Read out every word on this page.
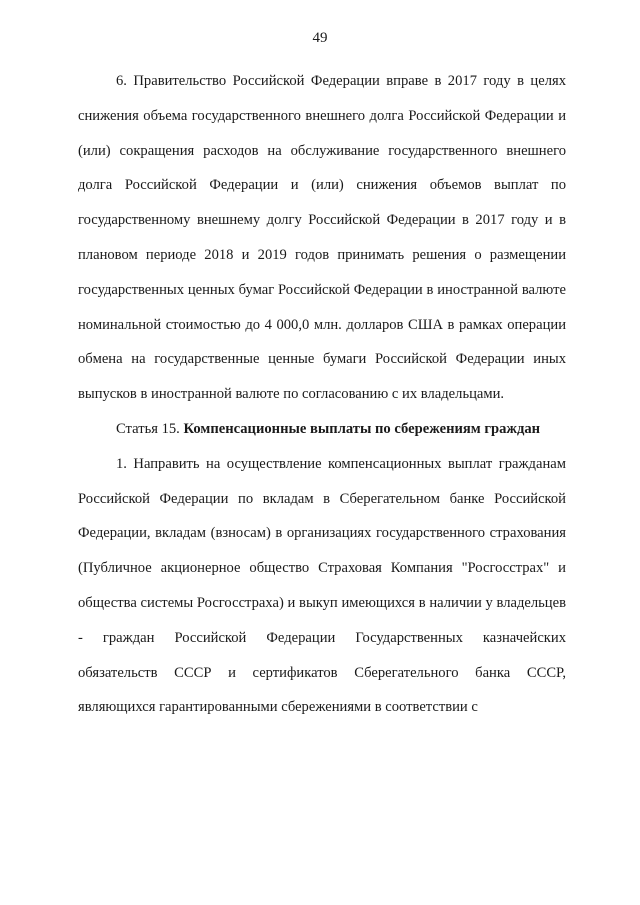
49

6. Правительство Российской Федерации вправе в 2017 году в целях снижения объема государственного внешнего долга Российской Федерации и (или) сокращения расходов на обслуживание государственного внешнего долга Российской Федерации и (или) снижения объемов выплат по государственному внешнему долгу Российской Федерации в 2017 году и в плановом периоде 2018 и 2019 годов принимать решения о размещении государственных ценных бумаг Российской Федерации в иностранной валюте номинальной стоимостью до 4 000,0 млн. долларов США в рамках операции обмена на государственные ценные бумаги Российской Федерации иных выпусков в иностранной валюте по согласованию с их владельцами.

Статья 15. Компенсационные выплаты по сбережениям граждан

1. Направить на осуществление компенсационных выплат гражданам Российской Федерации по вкладам в Сберегательном банке Российской Федерации, вкладам (взносам) в организациях государственного страхования (Публичное акционерное общество Страховая Компания "Росгосстрах" и общества системы Росгосстраха) и выкуп имеющихся в наличии у владельцев - граждан Российской Федерации Государственных казначейских обязательств СССР и сертификатов Сберегательного банка СССР, являющихся гарантированными сбережениями в соответствии с
